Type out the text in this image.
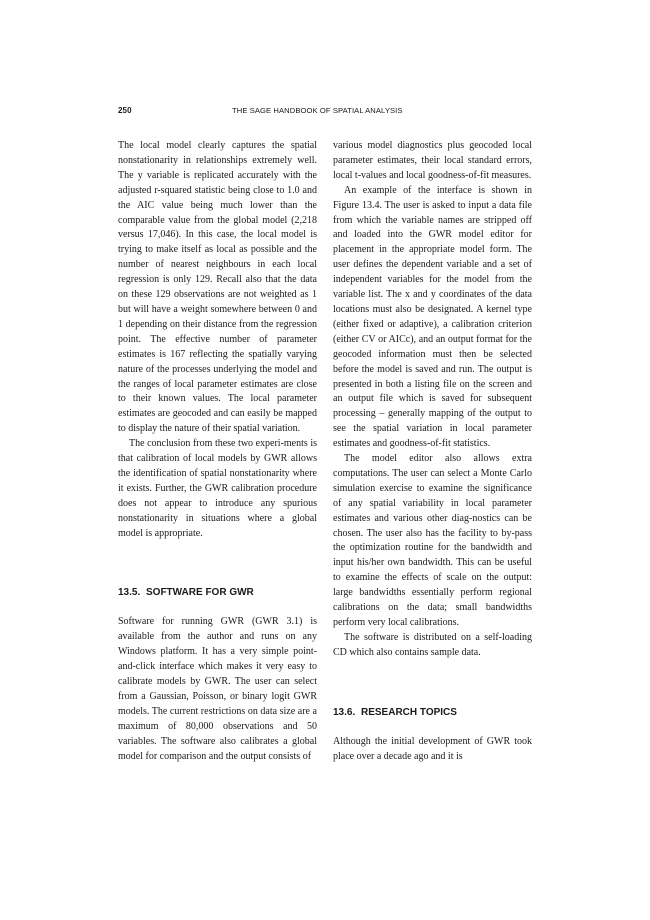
250	THE SAGE HANDBOOK OF SPATIAL ANALYSIS

The local model clearly captures the spatial nonstationarity in relationships extremely well. The y variable is replicated accurately with the adjusted r-squared statistic being close to 1.0 and the AIC value being much lower than the comparable value from the global model (2,218 versus 17,046). In this case, the local model is trying to make itself as local as possible and the number of nearest neighbours in each local regression is only 129. Recall also that the data on these 129 observations are not weighted as 1 but will have a weight somewhere between 0 and 1 depending on their distance from the regression point. The effective number of parameter estimates is 167 reflecting the spatially varying nature of the processes underlying the model and the ranges of local parameter estimates are close to their known values. The local parameter estimates are geocoded and can easily be mapped to display the nature of their spatial variation.

The conclusion from these two experi-ments is that calibration of local models by GWR allows the identification of spatial nonstationarity where it exists. Further, the GWR calibration procedure does not appear to introduce any spurious nonstationarity in situations where a global model is appropriate.

13.5. SOFTWARE FOR GWR

Software for running GWR (GWR 3.1) is available from the author and runs on any Windows platform. It has a very simple point-and-click interface which makes it very easy to calibrate models by GWR. The user can select from a Gaussian, Poisson, or binary logit GWR models. The current restrictions on data size are a maximum of 80,000 observations and 50 variables. The software also calibrates a global model for comparison and the output consists of

various model diagnostics plus geocoded local parameter estimates, their local standard errors, local t-values and local goodness-of-fit measures.

An example of the interface is shown in Figure 13.4. The user is asked to input a data file from which the variable names are stripped off and loaded into the GWR model editor for placement in the appropriate model form. The user defines the dependent variable and a set of independent variables for the model from the variable list. The x and y coordinates of the data locations must also be designated. A kernel type (either fixed or adaptive), a calibration criterion (either CV or AICc), and an output format for the geocoded information must then be selected before the model is saved and run. The output is presented in both a listing file on the screen and an output file which is saved for subsequent processing – generally mapping of the output to see the spatial variation in local parameter estimates and goodness-of-fit statistics.

The model editor also allows extra computations. The user can select a Monte Carlo simulation exercise to examine the significance of any spatial variability in local parameter estimates and various other diag-nostics can be chosen. The user also has the facility to by-pass the optimization routine for the bandwidth and input his/her own bandwidth. This can be useful to examine the effects of scale on the output: large bandwidths essentially perform regional calibrations on the data; small bandwidths perform very local calibrations.

The software is distributed on a self-loading CD which also contains sample data.

13.6. RESEARCH TOPICS

Although the initial development of GWR took place over a decade ago and it is
